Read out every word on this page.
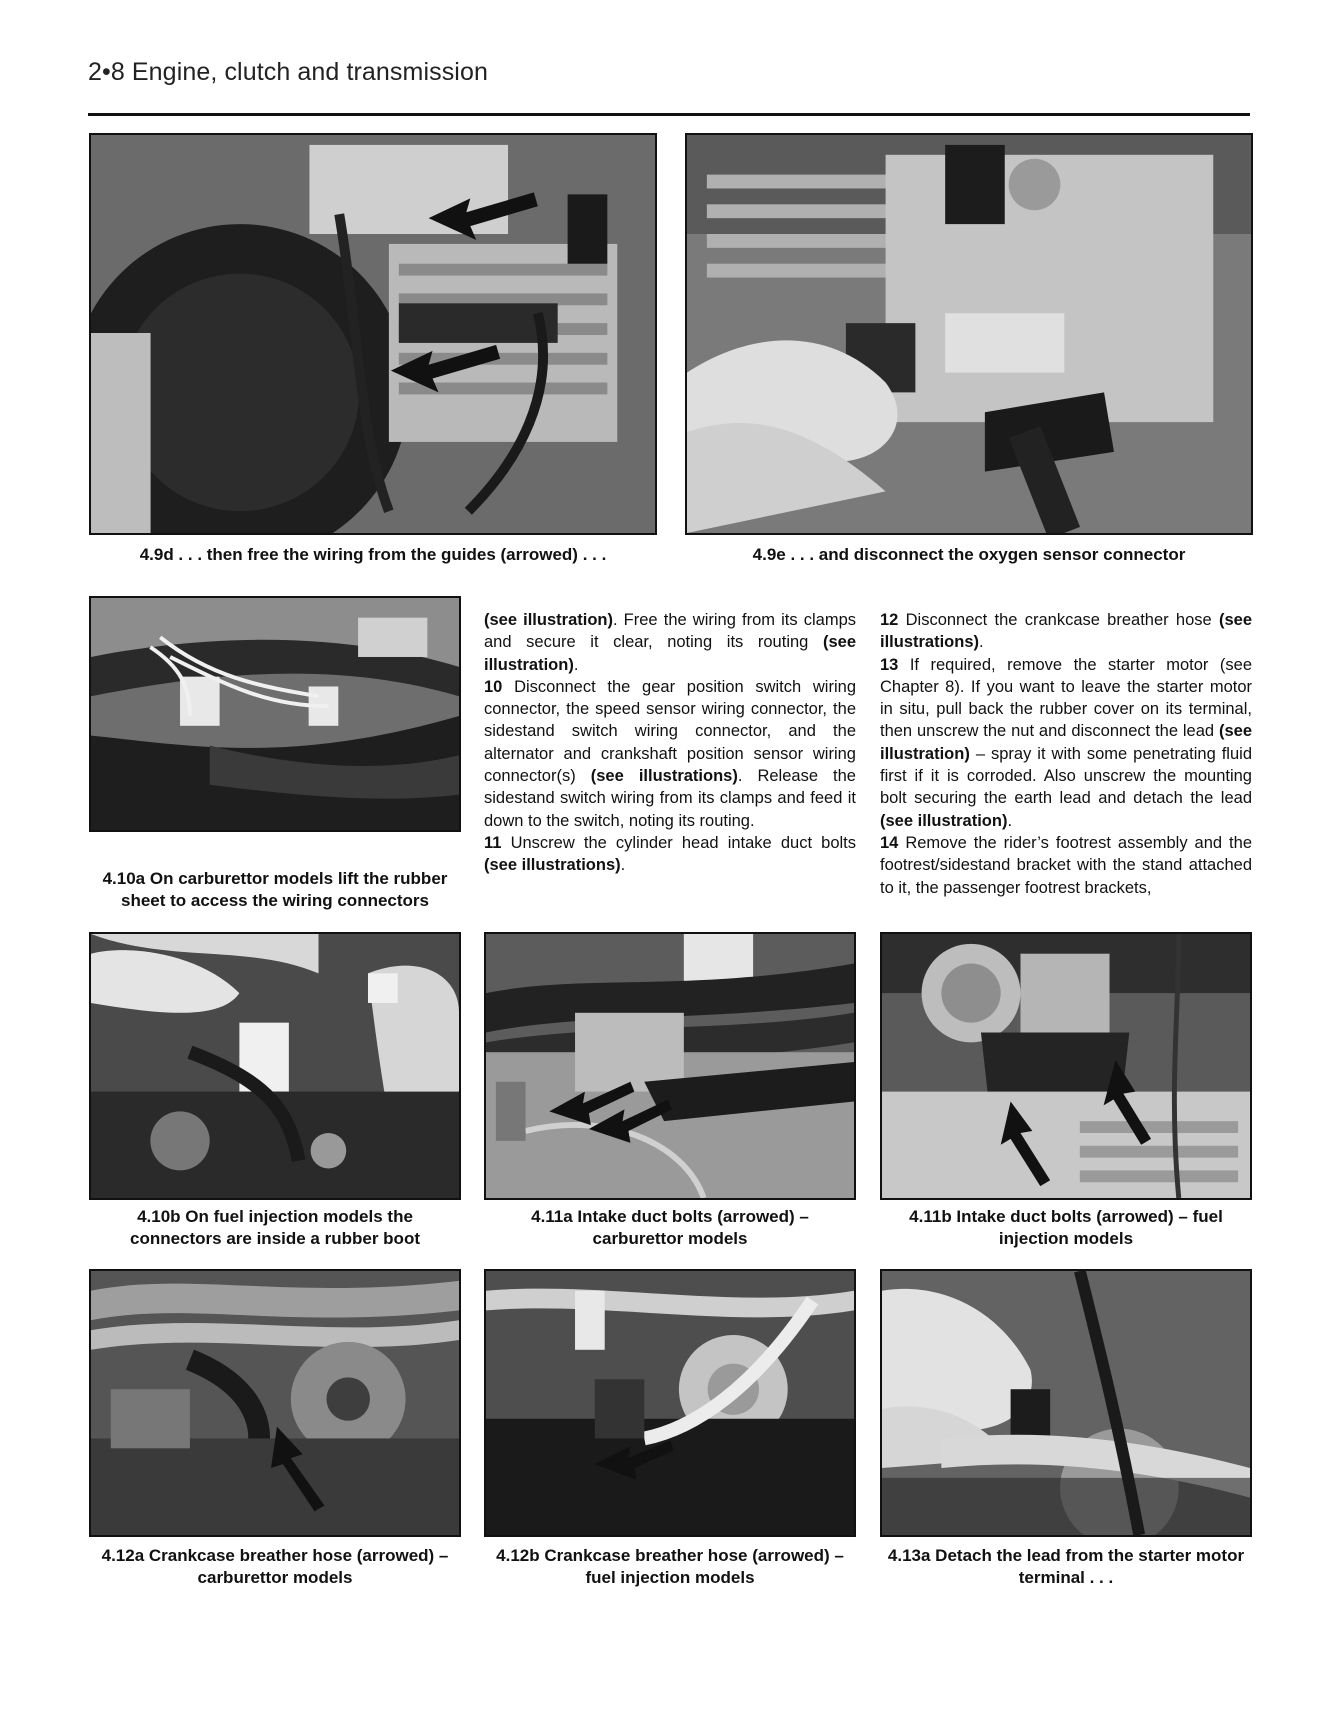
2•8 Engine, clutch and transmission
4.9d . . . then free the wiring from the guides (arrowed) . . .	4.9e . . . and disconnect the oxygen sensor connector
4.10a On carburettor models lift the rubber sheet to access the wiring connectors

(see illustration). Free the wiring from its clamps and secure it clear, noting its routing (see illustration).

10 Disconnect the gear position switch wiring connector, the speed sensor wiring connector, the sidestand switch wiring connector, and the alternator and crankshaft position sensor wiring connector(s) (see illustrations). Release the sidestand switch wiring from its clamps and feed it down to the switch, noting its routing.

11 Unscrew the cylinder head intake duct bolts (see illustrations).

12 Disconnect the crankcase breather hose (see illustrations).

13 If required, remove the starter motor (see Chapter 8). If you want to leave the starter motor in situ, pull back the rubber cover on its terminal, then unscrew the nut and disconnect the lead (see illustration) – spray it with some penetrating fluid first if it is corroded. Also unscrew the mounting bolt securing the earth lead and detach the lead (see illustration).

14 Remove the rider’s footrest assembly and the footrest/sidestand bracket with the stand attached to it, the passenger footrest brackets,

4.10b On fuel injection models the connectors are inside a rubber boot
4.11a Intake duct bolts (arrowed) – carburettor models
4.11b Intake duct bolts (arrowed) – fuel injection models
4.12a Crankcase breather hose (arrowed) – carburettor models
4.12b Crankcase breather hose (arrowed) – fuel injection models
4.13a Detach the lead from the starter motor terminal . . .
